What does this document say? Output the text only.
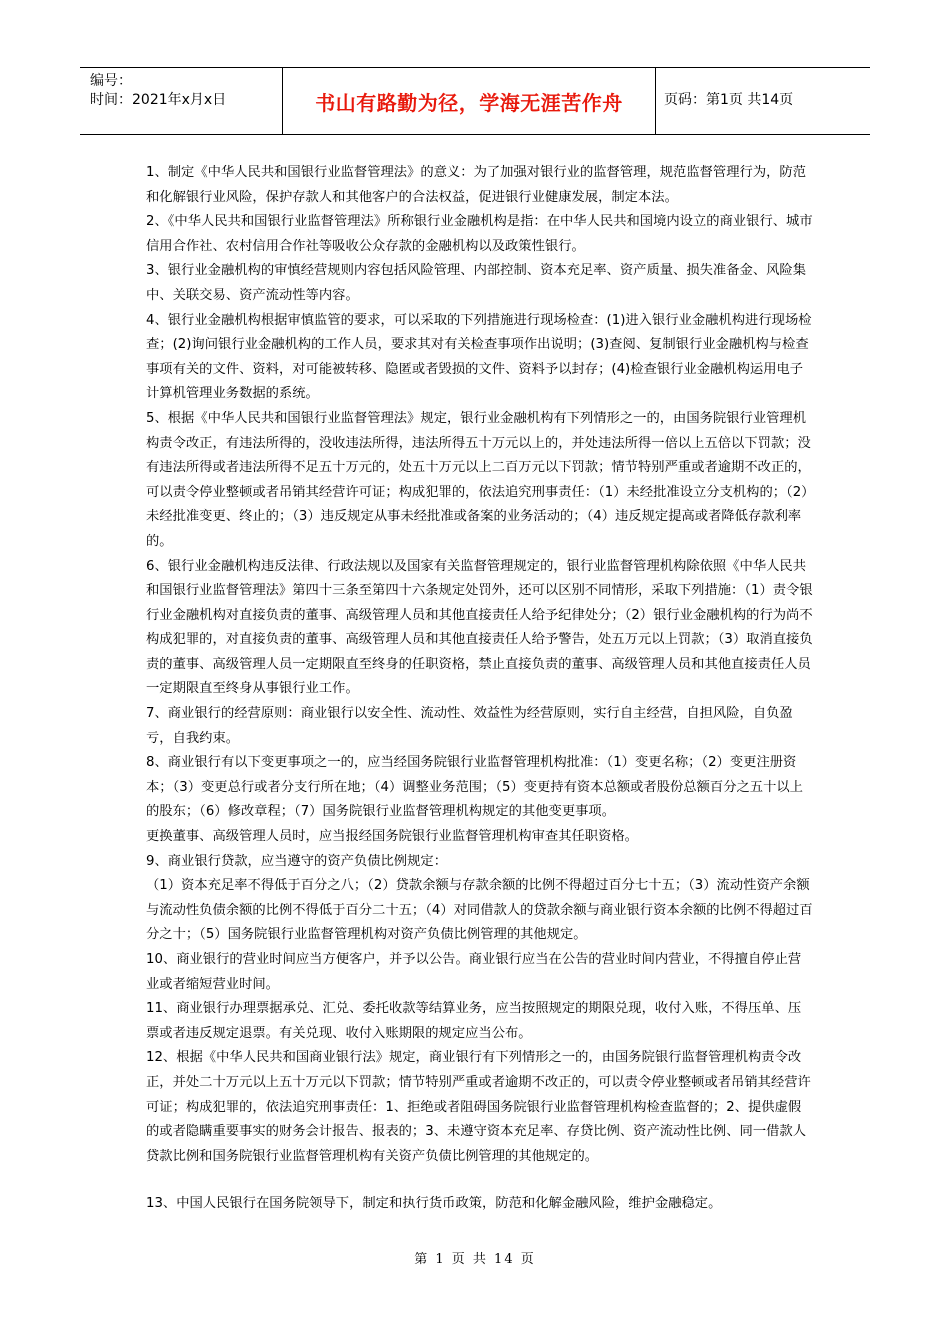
编号：
时间：2021年x月x日	书山有路勤为径，学海无涯苦作舟	页码：第1页 共14页

1、制定《中华人民共和国银行业监督管理法》的意义：为了加强对银行业的监督管理，规范监督管理行为，防范和化解银行业风险，保护存款人和其他客户的合法权益，促进银行业健康发展，制定本法。

2、《中华人民共和国银行业监督管理法》所称银行业金融机构是指：在中华人民共和国境内设立的商业银行、城市信用合作社、农村信用合作社等吸收公众存款的金融机构以及政策性银行。

3、银行业金融机构的审慎经营规则内容包括风险管理、内部控制、资本充足率、资产质量、损失准备金、风险集中、关联交易、资产流动性等内容。

4、银行业金融机构根据审慎监管的要求，可以采取的下列措施进行现场检查：(1)进入银行业金融机构进行现场检查；(2)询问银行业金融机构的工作人员，要求其对有关检查事项作出说明；(3)查阅、复制银行业金融机构与检查事项有关的文件、资料，对可能被转移、隐匿或者毁损的文件、资料予以封存；(4)检查银行业金融机构运用电子计算机管理业务数据的系统。

5、根据《中华人民共和国银行业监督管理法》规定，银行业金融机构有下列情形之一的，由国务院银行业管理机构责令改正，有违法所得的，没收违法所得，违法所得五十万元以上的，并处违法所得一倍以上五倍以下罚款；没有违法所得或者违法所得不足五十万元的，处五十万元以上二百万元以下罚款；情节特别严重或者逾期不改正的，可以责令停业整顿或者吊销其经营许可证；构成犯罪的，依法追究刑事责任：（1）未经批准设立分支机构的；（2）未经批准变更、终止的；（3）违反规定从事未经批准或备案的业务活动的；（4）违反规定提高或者降低存款利率的。

6、银行业金融机构违反法律、行政法规以及国家有关监督管理规定的，银行业监督管理机构除依照《中华人民共和国银行业监督管理法》第四十三条至第四十六条规定处罚外，还可以区别不同情形，采取下列措施：（1）责令银行业金融机构对直接负责的董事、高级管理人员和其他直接责任人给予纪律处分；（2）银行业金融机构的行为尚不构成犯罪的，对直接负责的董事、高级管理人员和其他直接责任人给予警告，处五万元以上罚款；（3）取消直接负责的董事、高级管理人员一定期限直至终身的任职资格，禁止直接负责的董事、高级管理人员和其他直接责任人员一定期限直至终身从事银行业工作。

7、商业银行的经营原则：商业银行以安全性、流动性、效益性为经营原则，实行自主经营，自担风险，自负盈亏，自我约束。

8、商业银行有以下变更事项之一的，应当经国务院银行业监督管理机构批准：（1）变更名称；（2）变更注册资本；（3）变更总行或者分支行所在地；（4）调整业务范围；（5）变更持有资本总额或者股份总额百分之五十以上的股东；（6）修改章程；（7）国务院银行业监督管理机构规定的其他变更事项。

更换董事、高级管理人员时，应当报经国务院银行业监督管理机构审查其任职资格。

9、商业银行贷款，应当遵守的资产负债比例规定：

（1）资本充足率不得低于百分之八；（2）贷款余额与存款余额的比例不得超过百分七十五；（3）流动性资产余额与流动性负债余额的比例不得低于百分二十五；（4）对同借款人的贷款余额与商业银行资本余额的比例不得超过百分之十；（5）国务院银行业监督管理机构对资产负债比例管理的其他规定。

10、商业银行的营业时间应当方便客户，并予以公告。商业银行应当在公告的营业时间内营业，不得擅自停止营业或者缩短营业时间。

11、商业银行办理票据承兑、汇兑、委托收款等结算业务，应当按照规定的期限兑现，收付入账，不得压单、压票或者违反规定退票。有关兑现、收付入账期限的规定应当公布。

12、根据《中华人民共和国商业银行法》规定，商业银行有下列情形之一的，由国务院银行监督管理机构责令改正，并处二十万元以上五十万元以下罚款；情节特别严重或者逾期不改正的，可以责令停业整顿或者吊销其经营许可证；构成犯罪的，依法追究刑事责任：1、拒绝或者阻碍国务院银行业监督管理机构检查监督的；2、提供虚假的或者隐瞒重要事实的财务会计报告、报表的；3、未遵守资本充足率、存贷比例、资产流动性比例、同一借款人贷款比例和国务院银行业监督管理机构有关资产负债比例管理的其他规定的。

13、中国人民银行在国务院领导下，制定和执行货币政策，防范和化解金融风险，维护金融稳定。

第 1 页 共 14 页
